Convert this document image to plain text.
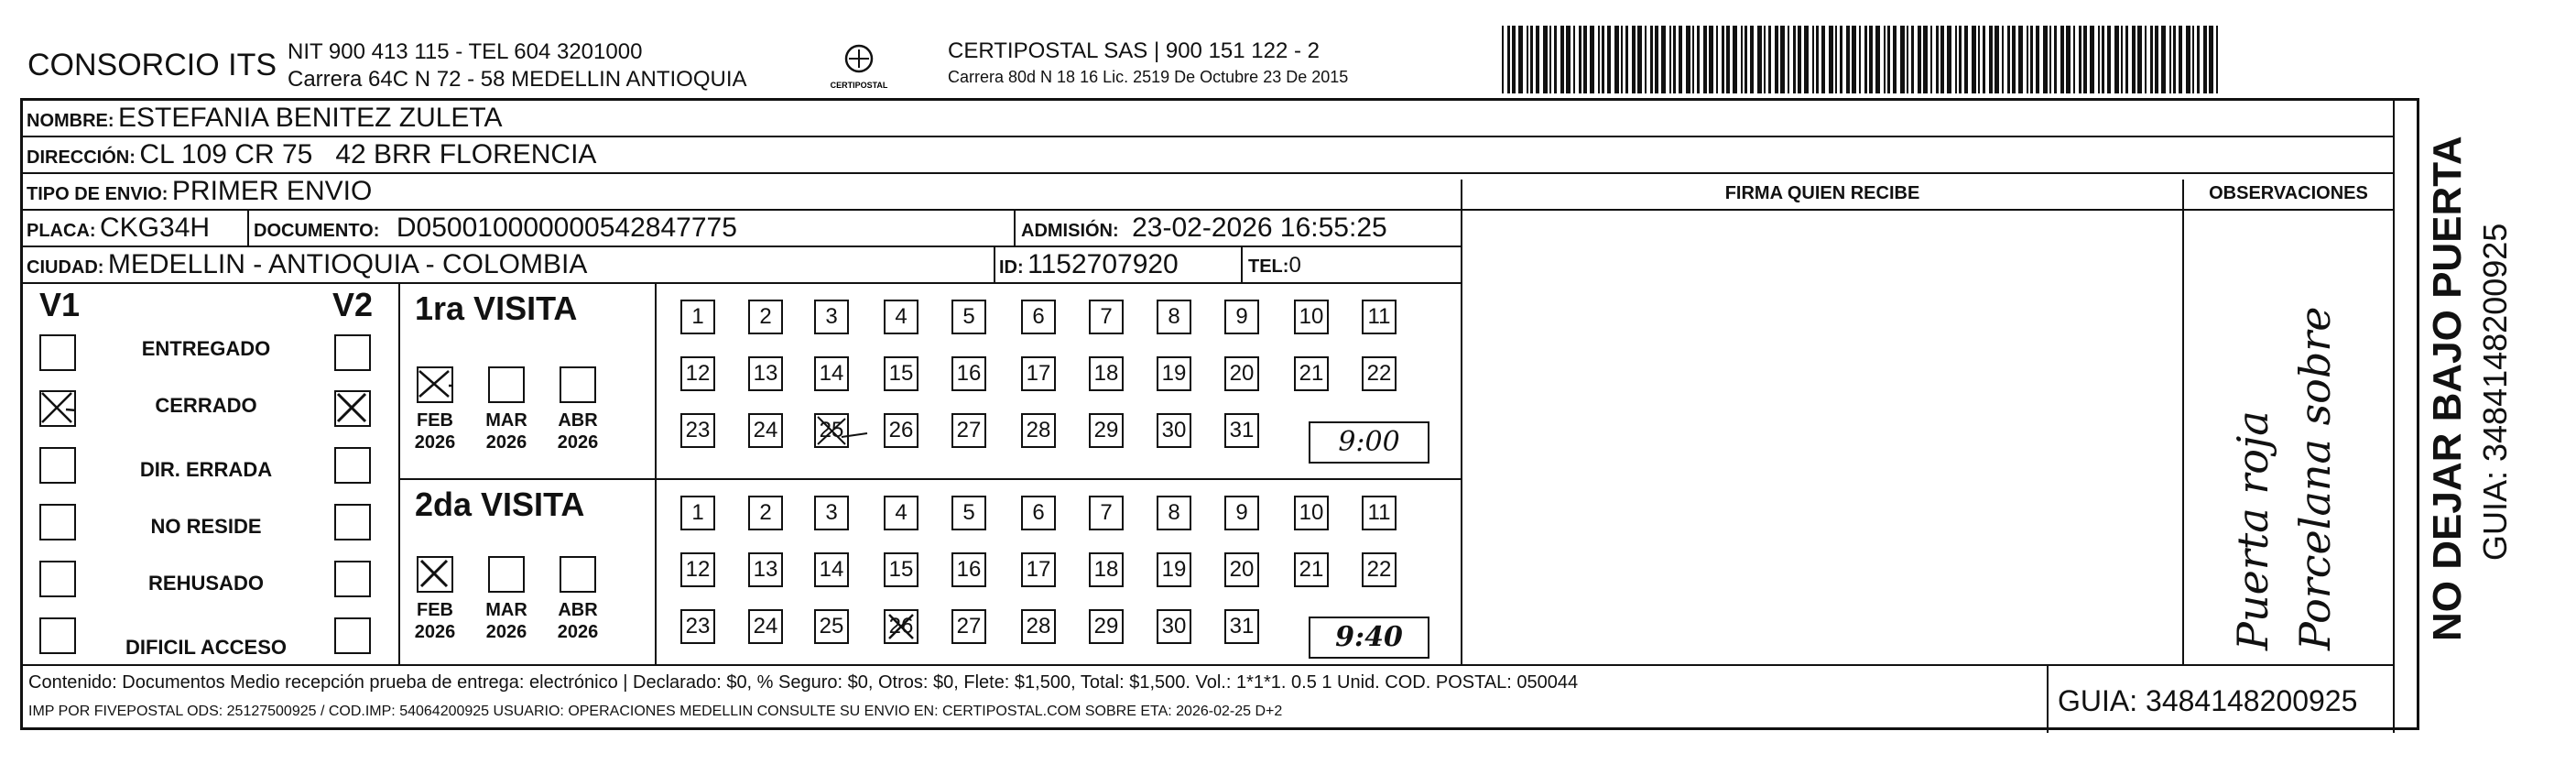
CONSORCIO ITS NIT 900 413 115 - TEL 604 3201000
Carrera 64C N 72 - 58 MEDELLIN ANTIOQUIA	CERTIPOSTAL
CERTIPOSTAL SAS | 900 151 122 - 2
Carrera 80d N 18 16 Lic. 2519 De Octubre 23 De 2015
NOMBRE: ESTEFANIA BENITEZ ZULETA
DIRECCIÓN: CL 109 CR 75   42 BRR FLORENCIA
TIPO DE ENVIO: PRIMER ENVIO	FIRMA QUIEN RECIBE	OBSERVACIONES
PLACA: CKG34H DOCUMENTO: D050010000000542847775	ADMISIÓN: 23-02-2026 16:55:25
CIUDAD: MEDELLIN - ANTIOQUIA - COLOMBIA	ID: 1152707920	TEL:0
V1	V2
ENTREGADO
CERRADO
DIR. ERRADA
NO RESIDE
REHUSADO
DIFICIL ACCESO
1ra VISITA
2da VISITA
FEB
2026
MAR
2026
ABR
2026
FEB
2026
MAR
2026
ABR
2026
1	2	3	4	5	6	7	8	9	10 11
12 13 14 15 16 17 18 19 20 21 22
23 24 25 26 27 28 29 30 31
1	2	3	4	5	6	7	8	9	10 11
12 13 14 15 16 17 18 19 20 21 22
23 24 25 26 27 28 29 30 31
9:00
9:40	Puerta roja Porcelana sobre
Contenido: Documentos Medio recepción prueba de entrega: electrónico | Declarado: $0, % Seguro: $0, Otros: $0, Flete: $1,500, Total: $1,500. Vol.: 1*1*1. 0.5 1 Unid. COD. POSTAL: 050044
IMP POR FIVEPOSTAL ODS: 25127500925 / COD.IMP: 54064200925 USUARIO: OPERACIONES MEDELLIN CONSULTE SU ENVIO EN: CERTIPOSTAL.COM SOBRE ETA: 2026-02-25 D+2	GUIA: 3484148200925
NO DEJAR BAJO PUERTA GUIA: 3484148200925
